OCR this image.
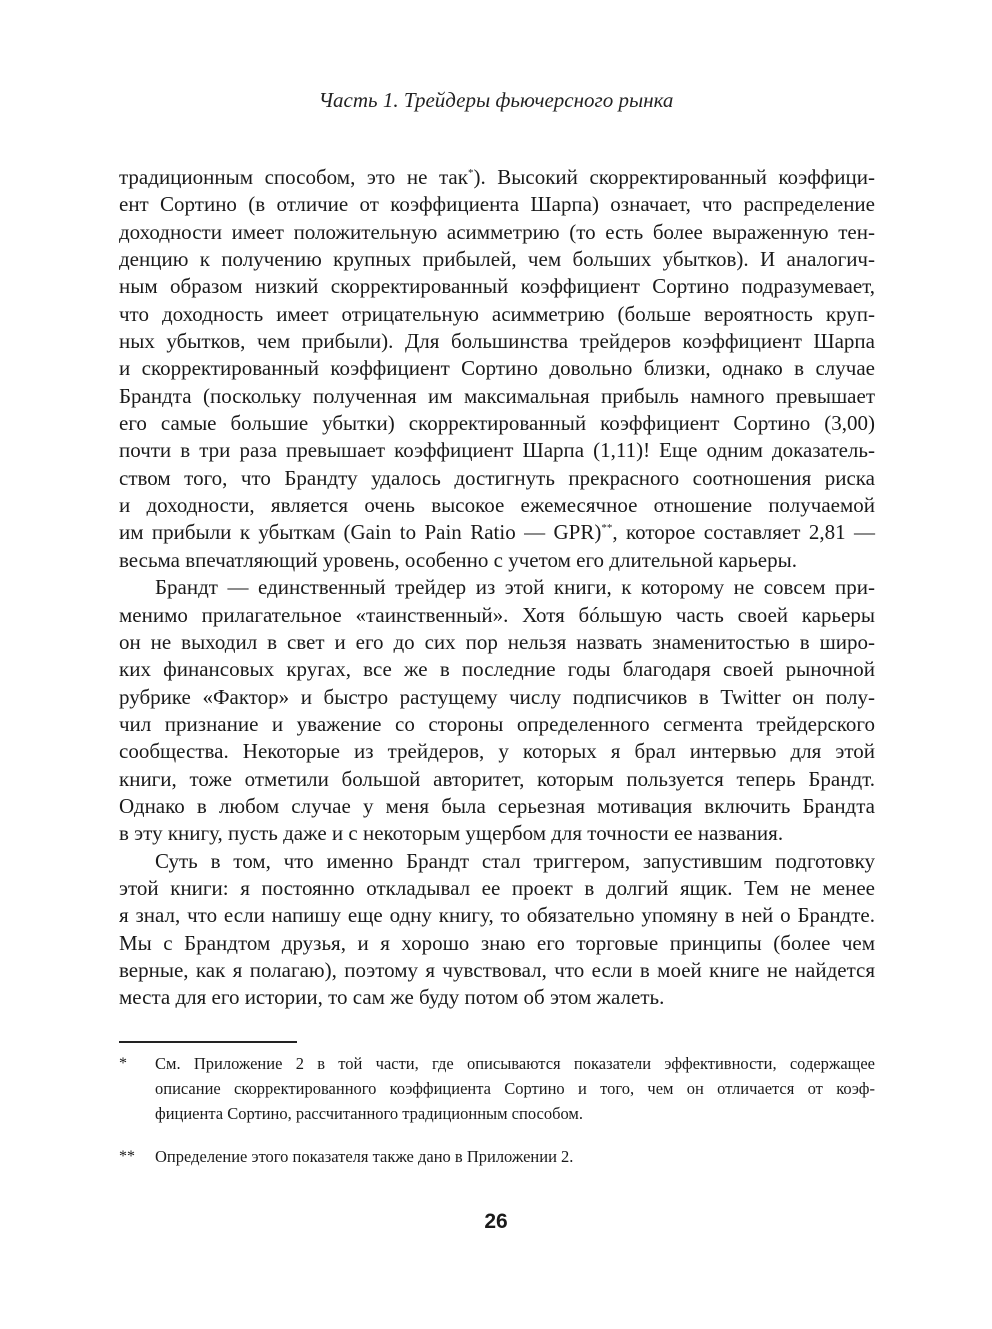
Часть 1. Трейдеры фьючерсного рынка
традиционным способом, это не так*). Высокий скорректированный коэффици-
ент Сортино (в отличие от коэффициента Шарпа) означает, что распределение
доходности имеет положительную асимметрию (то есть более выраженную тен-
денцию к получению крупных прибылей, чем больших убытков). И аналогич-
ным образом низкий скорректированный коэффициент Сортино подразумевает,
что доходность имеет отрицательную асимметрию (больше вероятность круп-
ных убытков, чем прибыли). Для большинства трейдеров коэффициент Шарпа
и скорректированный коэффициент Сортино довольно близки, однако в случае
Брандта (поскольку полученная им максимальная прибыль намного превышает
его самые большие убытки) скорректированный коэффициент Сортино (3,00)
почти в три раза превышает коэффициент Шарпа (1,11)! Еще одним доказатель-
ством того, что Брандту удалось достигнуть прекрасного соотношения риска
и доходности, является очень высокое ежемесячное отношение получаемой
им прибыли к убыткам (Gain to Pain Ratio — GPR)**, которое составляет 2,81 —
весьма впечатляющий уровень, особенно с учетом его длительной карьеры.
Брандт — единственный трейдер из этой книги, к которому не совсем при-
менимо прилагательное «таинственный». Хотя бóльшую часть своей карьеры
он не выходил в свет и его до сих пор нельзя назвать знаменитостью в широ-
ких финансовых кругах, все же в последние годы благодаря своей рыночной
рубрике «Фактор» и быстро растущему числу подписчиков в Twitter он полу-
чил признание и уважение со стороны определенного сегмента трейдерского
сообщества. Некоторые из трейдеров, у которых я брал интервью для этой
книги, тоже отметили большой авторитет, которым пользуется теперь Брандт.
Однако в любом случае у меня была серьезная мотивация включить Брандта
в эту книгу, пусть даже и с некоторым ущербом для точности ее названия.
Суть в том, что именно Брандт стал триггером, запустившим подготовку
этой книги: я постоянно откладывал ее проект в долгий ящик. Тем не менее
я знал, что если напишу еще одну книгу, то обязательно упомяну в ней о Брандте.
Мы с Брандтом друзья, и я хорошо знаю его торговые принципы (более чем
верные, как я полагаю), поэтому я чувствовал, что если в моей книге не найдется
места для его истории, то сам же буду потом об этом жалеть.
* См. Приложение 2 в той части, где описываются показатели эффективности, содержащее
описание скорректированного коэффициента Сортино и того, чем он отличается от коэф-
фициента Сортино, рассчитанного традиционным способом.
** Определение этого показателя также дано в Приложении 2.
26
